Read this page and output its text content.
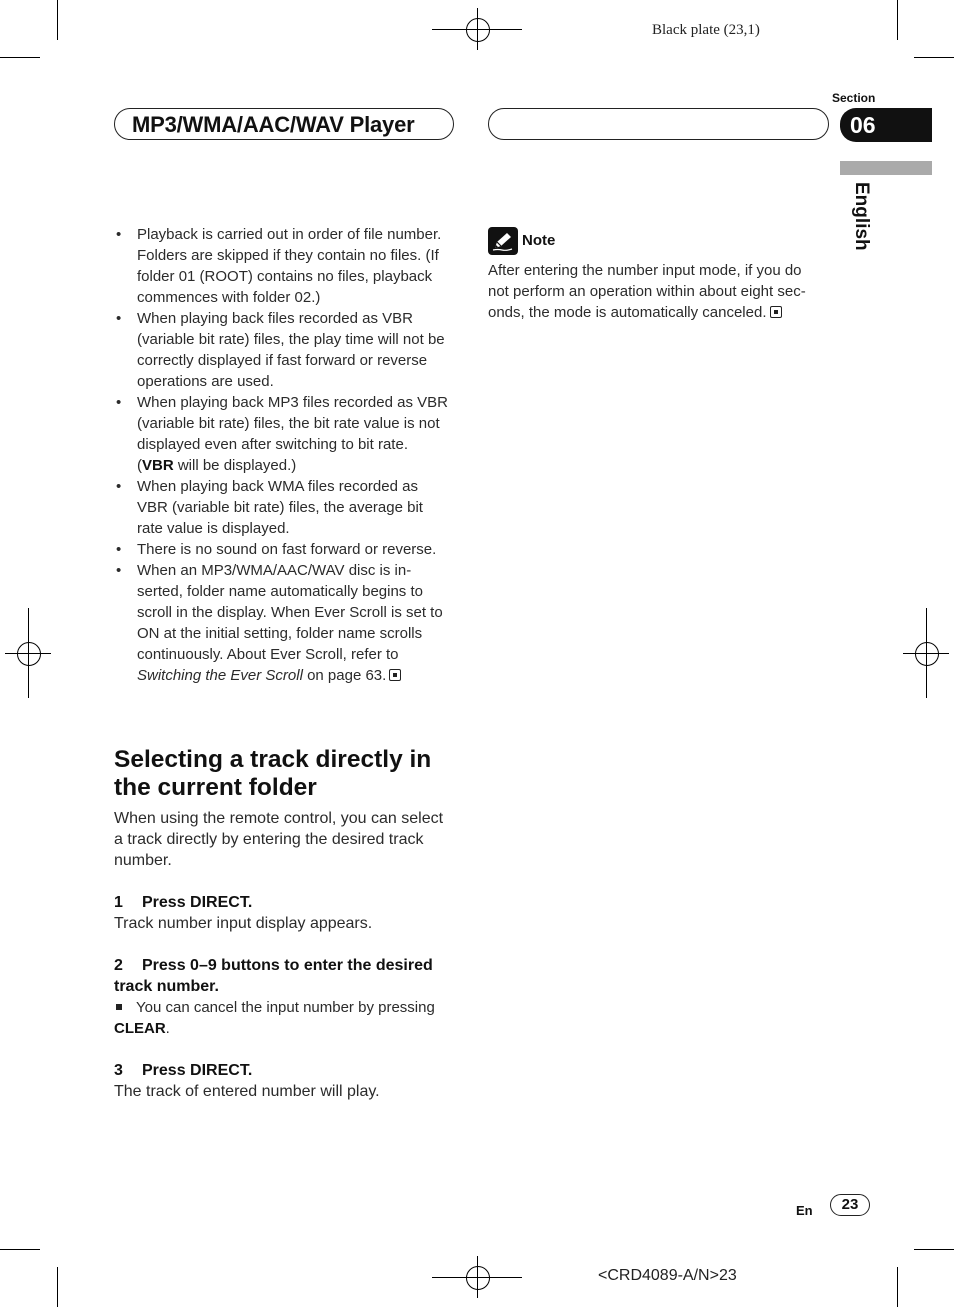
Black plate (23,1)
MP3/WMA/AAC/WAV Player
Section
06
English
• Playback is carried out in order of file number.
Folders are skipped if they contain no files. (If
folder 01 (ROOT) contains no files, playback
commences with folder 02.)
• When playing back files recorded as VBR
(variable bit rate) files, the play time will not be
correctly displayed if fast forward or reverse
operations are used.
• When playing back MP3 files recorded as VBR
(variable bit rate) files, the bit rate value is not
displayed even after switching to bit rate.
(VBR will be displayed.)
• When playing back WMA files recorded as
VBR (variable bit rate) files, the average bit
rate value is displayed.
• There is no sound on fast forward or reverse.
• When an MP3/WMA/AAC/WAV disc is in-
serted, folder name automatically begins to
scroll in the display. When Ever Scroll is set to
ON at the initial setting, folder name scrolls
continuously. About Ever Scroll, refer to
Switching the Ever Scroll on page 63.
Selecting a track directly in
the current folder
When using the remote control, you can select
a track directly by entering the desired track
number.
1 Press DIRECT.
Track number input display appears.
2 Press 0–9 buttons to enter the desired
track number.
You can cancel the input number by pressing
CLEAR.
3 Press DIRECT.
The track of entered number will play.
Note
After entering the number input mode, if you do
not perform an operation within about eight sec-
onds, the mode is automatically canceled.
En	23
<CRD4089-A/N>23
